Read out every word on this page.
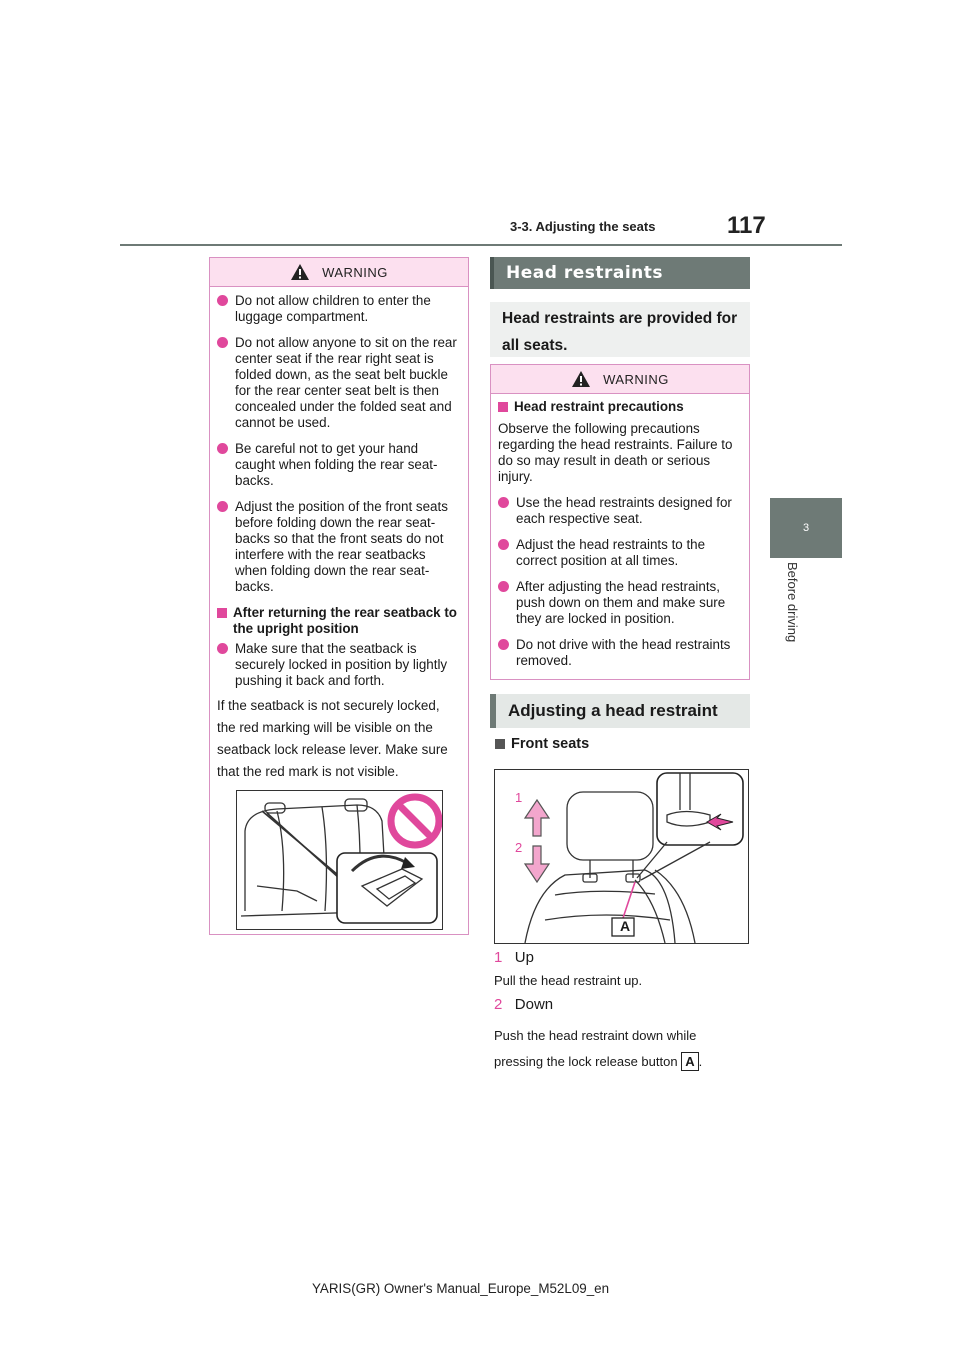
3-3. Adjusting the seats	117
3
Before driving
WARNING

Do not allow children to enter the luggage compartment.

Do not allow anyone to sit on the rear center seat if the rear right seat is folded down, as the seat belt buckle for the rear center seat belt is then concealed under the folded seat and cannot be used.

Be careful not to get your hand caught when folding the rear seat-backs.

Adjust the position of the front seats before folding down the rear seat-backs so that the front seats do not interfere with the rear seatbacks when folding down the rear seat-backs.

After returning the rear seatback to the upright position

Make sure that the seatback is securely locked in position by lightly pushing it back and forth.

If the seatback is not securely locked, the red marking will be visible on the seatback lock release lever. Make sure that the red mark is not visible.
Head restraints
Head restraints are provided for all seats.
WARNING
Head restraint precautions
Observe the following precautions regarding the head restraints. Failure to do so may result in death or serious injury.

Use the head restraints designed for each respective seat.

Adjust the head restraints to the correct position at all times.

After adjusting the head restraints, push down on them and make sure they are locked in position.

Do not drive with the head restraints removed.

Adjusting a head restraint
Front seats
1
2
A
1 Up
Pull the head restraint up.
2 Down
Push the head restraint down while pressing the lock release button A .
YARIS(GR) Owner's Manual_Europe_M52L09_en
